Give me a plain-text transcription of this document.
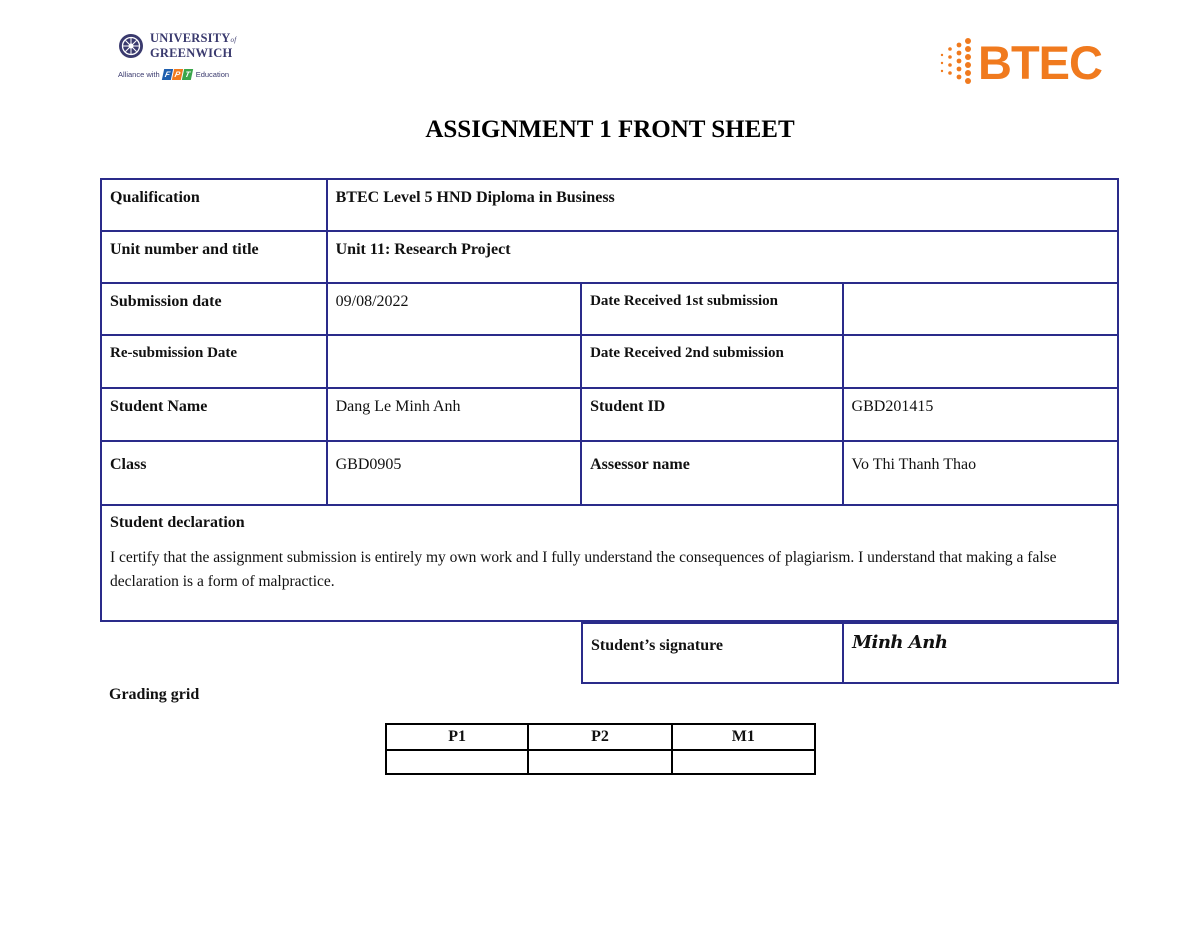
UNIVERSITYof
GREENWICH
Alliance with F P T Education	BTEC
ASSIGNMENT 1 FRONT SHEET
Qualification	BTEC Level 5 HND Diploma in Business		

Unit number and title	Unit 11: Research Project		

Submission date	09/08/2022	Date Received 1st submission	

Re-submission Date		Date Received 2nd submission	

Student Name	Dang Le Minh Anh	Student ID	GBD201415

Class	GBD0905	Assessor name	Vo Thi Thanh Thao

Student declaration
I certify that the assignment submission is entirely my own work and I fully understand the consequences of plagiarism. I understand that making a false declaration is a form of malpractice.			
Student’s signature	Minh Anh
Grading grid
P1	P2	M1
